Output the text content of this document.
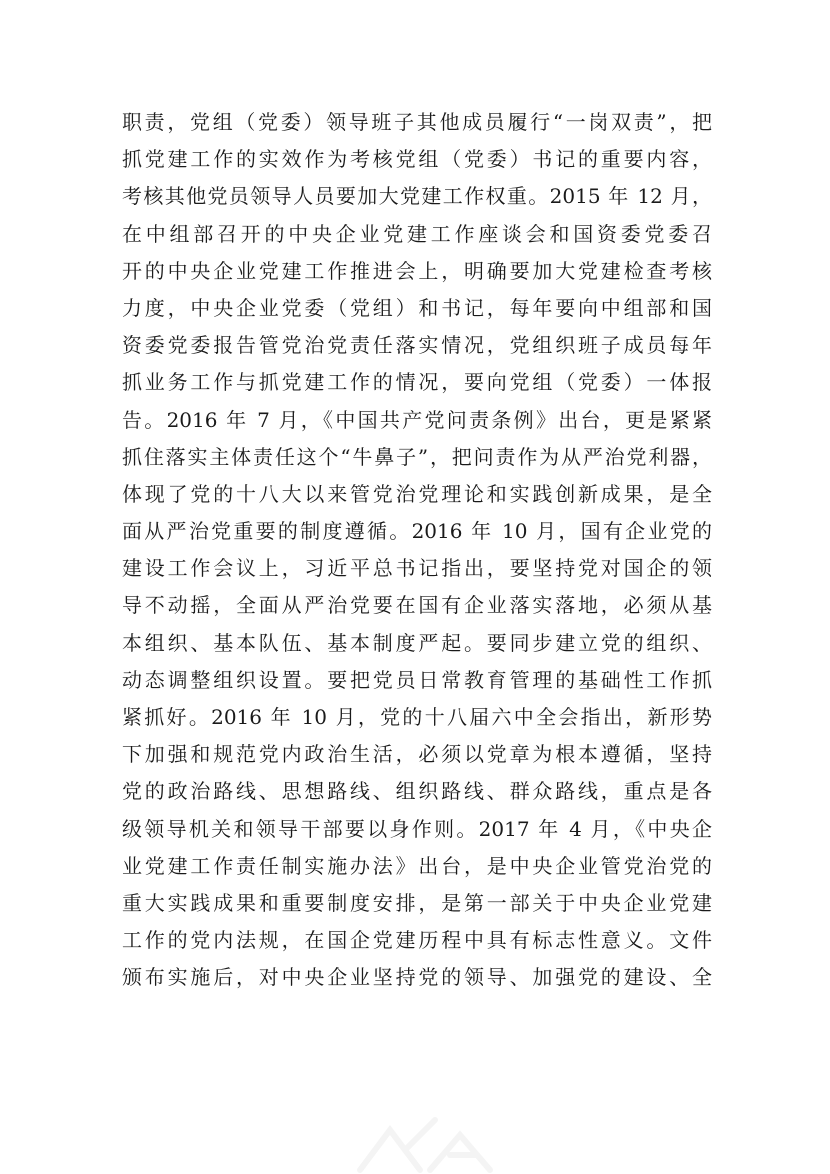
职责，党组（党委）领导班子其他成员履行“一岗双责”，把
抓党建工作的实效作为考核党组（党委）书记的重要内容，
考核其他党员领导人员要加大党建工作权重。2015 年 12 月，
在中组部召开的中央企业党建工作座谈会和国资委党委召
开的中央企业党建工作推进会上，明确要加大党建检查考核
力度，中央企业党委（党组）和书记，每年要向中组部和国
资委党委报告管党治党责任落实情况，党组织班子成员每年
抓业务工作与抓党建工作的情况，要向党组（党委）一体报
告。2016 年 7 月，《中国共产党问责条例》出台，更是紧紧
抓住落实主体责任这个“牛鼻子”，把问责作为从严治党利器，
体现了党的十八大以来管党治党理论和实践创新成果，是全
面从严治党重要的制度遵循。2016 年 10 月，国有企业党的
建设工作会议上，习近平总书记指出，要坚持党对国企的领
导不动摇，全面从严治党要在国有企业落实落地，必须从基
本组织、基本队伍、基本制度严起。要同步建立党的组织、
动态调整组织设置。要把党员日常教育管理的基础性工作抓
紧抓好。2016 年 10 月，党的十八届六中全会指出，新形势
下加强和规范党内政治生活，必须以党章为根本遵循，坚持
党的政治路线、思想路线、组织路线、群众路线，重点是各
级领导机关和领导干部要以身作则。2017 年 4 月，《中央企
业党建工作责任制实施办法》出台，是中央企业管党治党的
重大实践成果和重要制度安排，是第一部关于中央企业党建
工作的党内法规，在国企党建历程中具有标志性意义。文件
颁布实施后，对中央企业坚持党的领导、加强党的建设、全
